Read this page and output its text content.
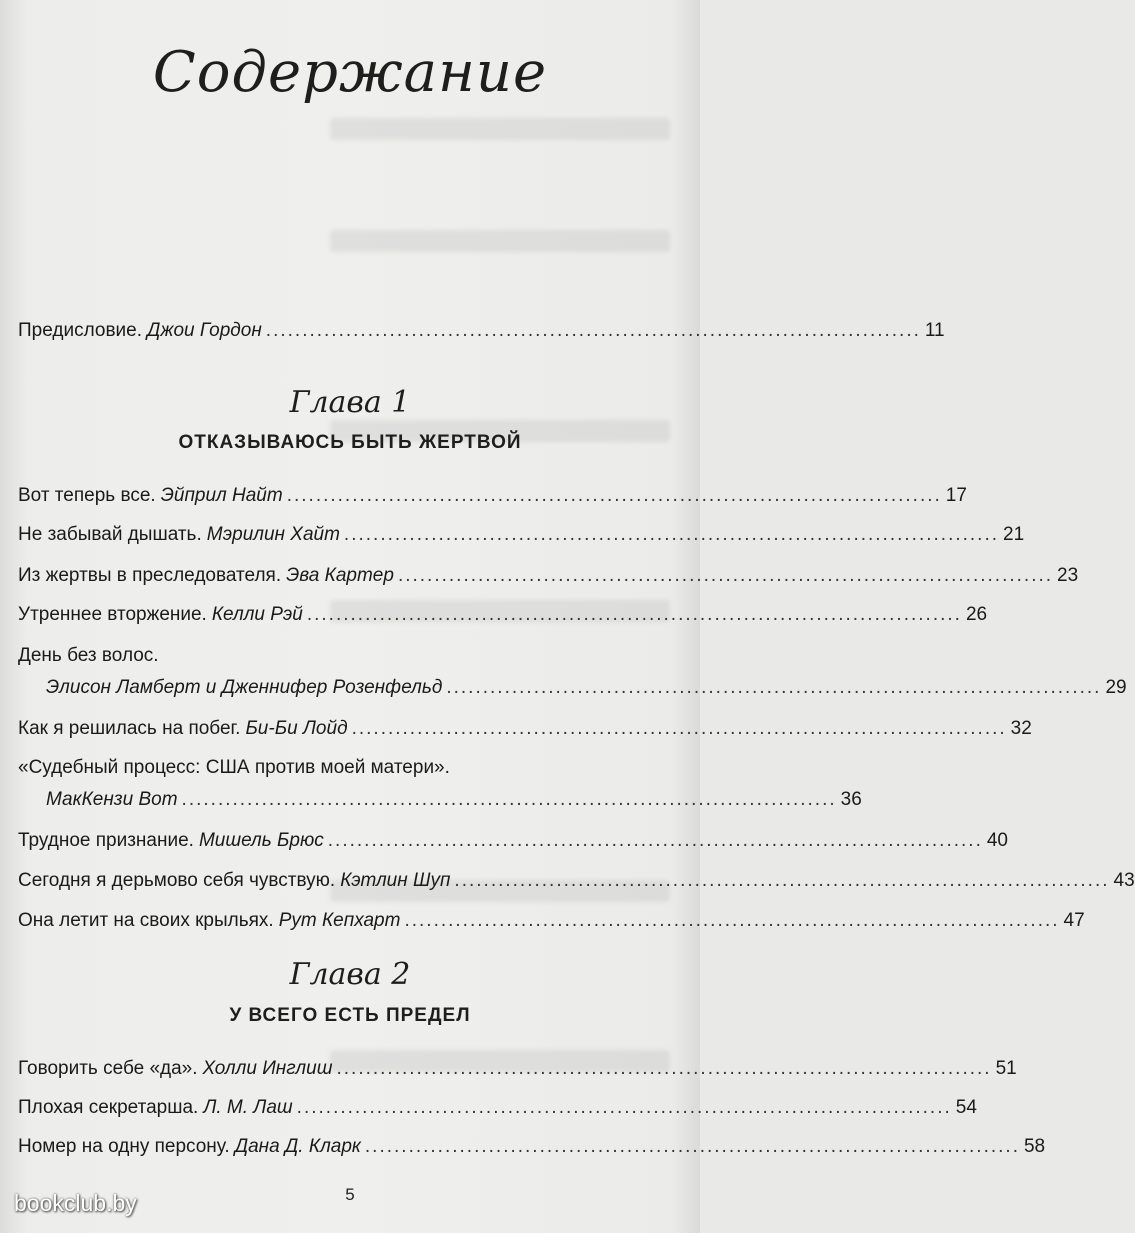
Содержание
Предисловие. Джои Гордон .......................................................................................... 11
Глава 1
ОТКАЗЫВАЮСЬ БЫТЬ ЖЕРТВОЙ
Вот теперь все. Эйприл Найт .......................................................................................... 17
Не забывай дышать. Мэрилин Хайт .......................................................................................... 21
Из жертвы в преследователя. Эва Картер .......................................................................................... 23
Утреннее вторжение. Келли Рэй .......................................................................................... 26
День без волос.
Элисон Ламберт и Дженнифер Розенфельд .......................................................................................... 29
Как я решилась на побег. Би-Би Лойд .......................................................................................... 32
«Судебный процесс: США против моей матери».
МакКензи Вот .......................................................................................... 36
Трудное признание. Мишель Брюс .......................................................................................... 40
Сегодня я дерьмово себя чувствую. Кэтлин Шуп .......................................................................................... 43
Она летит на своих крыльях. Рут Кепхарт .......................................................................................... 47
Глава 2
У ВСЕГО ЕСТЬ ПРЕДЕЛ
Говорить себе «да». Холли Инглиш .......................................................................................... 51
Плохая секретарша. Л. М. Лаш .......................................................................................... 54
Номер на одну персону. Дана Д. Кларк .......................................................................................... 58
5
bookclub.by
